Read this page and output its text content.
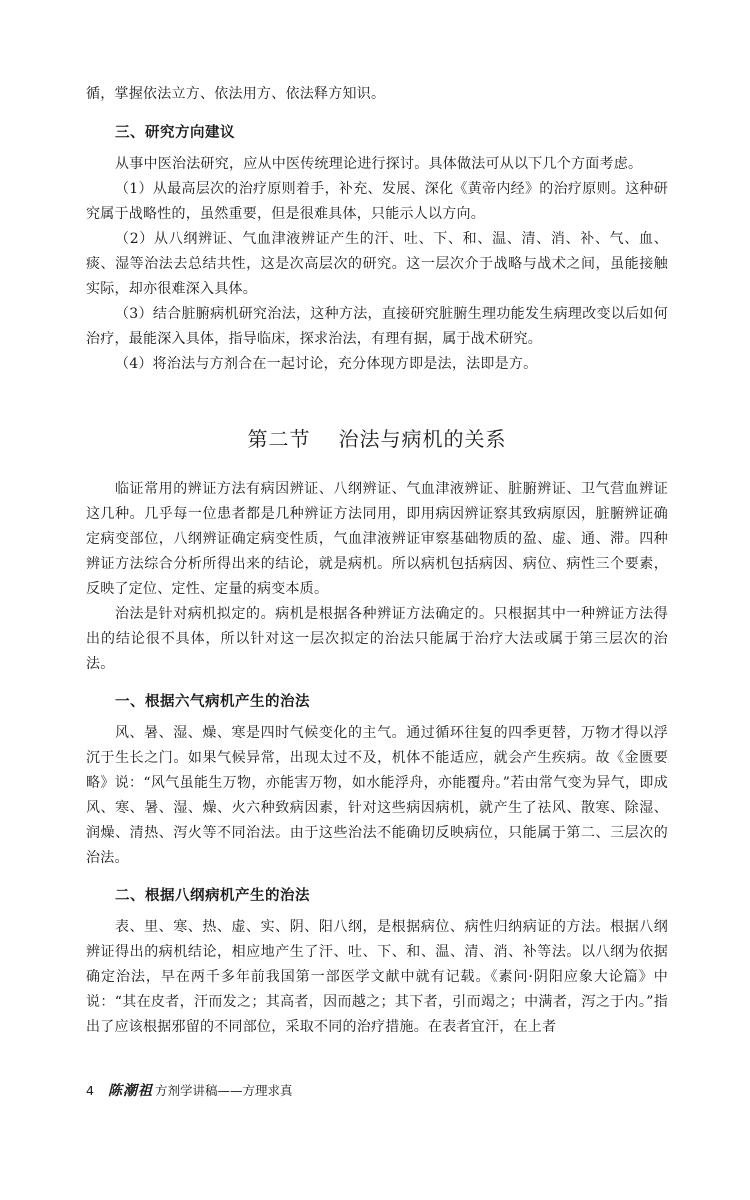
循，掌握依法立方、依法用方、依法释方知识。

三、研究方向建议

从事中医治法研究，应从中医传统理论进行探讨。具体做法可从以下几个方面考虑。

（1）从最高层次的治疗原则着手，补充、发展、深化《黄帝内经》的治疗原则。这种研究属于战略性的，虽然重要，但是很难具体，只能示人以方向。

（2）从八纲辨证、气血津液辨证产生的汗、吐、下、和、温、清、消、补、气、血、痰、湿等治法去总结共性，这是次高层次的研究。这一层次介于战略与战术之间，虽能接触实际，却亦很难深入具体。

（3）结合脏腑病机研究治法，这种方法，直接研究脏腑生理功能发生病理改变以后如何治疗，最能深入具体，指导临床，探求治法，有理有据，属于战术研究。

（4）将治法与方剂合在一起讨论，充分体现方即是法，法即是方。

第二节 治法与病机的关系

临证常用的辨证方法有病因辨证、八纲辨证、气血津液辨证、脏腑辨证、卫气营血辨证这几种。几乎每一位患者都是几种辨证方法同用，即用病因辨证察其致病原因，脏腑辨证确定病变部位，八纲辨证确定病变性质，气血津液辨证审察基础物质的盈、虚、通、滞。四种辨证方法综合分析所得出来的结论，就是病机。所以病机包括病因、病位、病性三个要素，反映了定位、定性、定量的病变本质。

治法是针对病机拟定的。病机是根据各种辨证方法确定的。只根据其中一种辨证方法得出的结论很不具体，所以针对这一层次拟定的治法只能属于治疗大法或属于第三层次的治法。

一、根据六气病机产生的治法

风、暑、湿、燥、寒是四时气候变化的主气。通过循环往复的四季更替，万物才得以浮沉于生长之门。如果气候异常，出现太过不及，机体不能适应，就会产生疾病。故《金匮要略》说：“风气虽能生万物，亦能害万物，如水能浮舟，亦能覆舟。”若由常气变为异气，即成风、寒、暑、湿、燥、火六种致病因素，针对这些病因病机，就产生了祛风、散寒、除湿、润燥、清热、泻火等不同治法。由于这些治法不能确切反映病位，只能属于第二、三层次的治法。

二、根据八纲病机产生的治法

表、里、寒、热、虚、实、阴、阳八纲，是根据病位、病性归纳病证的方法。根据八纲辨证得出的病机结论，相应地产生了汗、吐、下、和、温、清、消、补等法。以八纲为依据确定治法，早在两千多年前我国第一部医学文献中就有记载。《素问·阴阳应象大论篇》中说：“其在皮者，汗而发之；其高者，因而越之；其下者，引而竭之；中满者，泻之于内。”指出了应该根据邪留的不同部位，采取不同的治疗措施。在表者宜汗，在上者

4 陈潮祖 方剂学讲稿——方理求真
